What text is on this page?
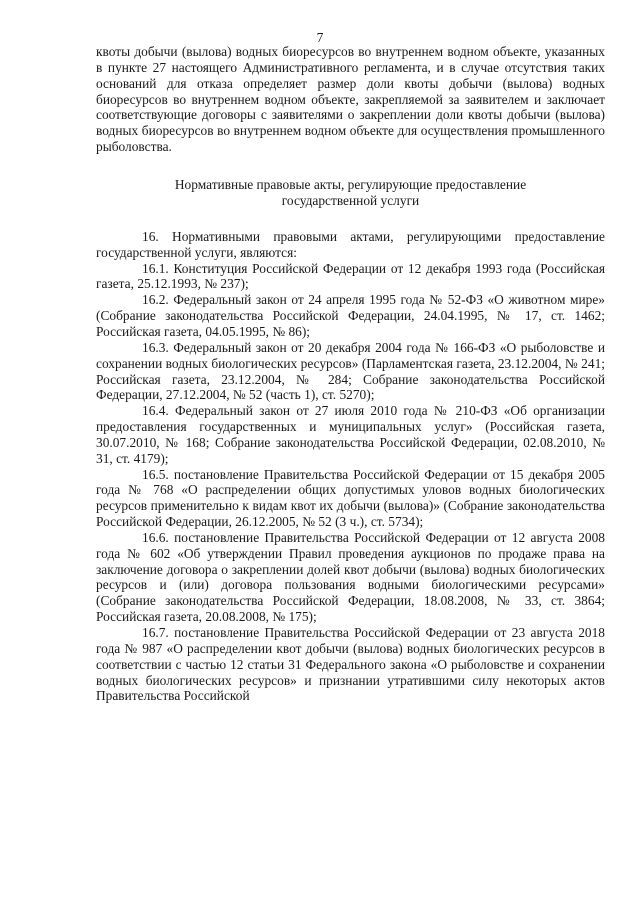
7

квоты добычи (вылова) водных биоресурсов во внутреннем водном объекте, указанных в пункте 27 настоящего Административного регламента, и в случае отсутствия таких оснований для отказа определяет размер доли квоты добычи (вылова) водных биоресурсов во внутреннем водном объекте, закрепляемой за заявителем и заключает соответствующие договоры с заявителями о закреплении доли квоты добычи (вылова) водных биоресурсов во внутреннем водном объекте для осуществления промышленного рыболовства.

Нормативные правовые акты, регулирующие предоставление государственной услуги

16. Нормативными правовыми актами, регулирующими предоставление государственной услуги, являются:

16.1. Конституция Российской Федерации от 12 декабря 1993 года (Российская газета, 25.12.1993, № 237);

16.2. Федеральный закон от 24 апреля 1995 года № 52-ФЗ «О животном мире» (Собрание законодательства Российской Федерации, 24.04.1995, № 17, ст. 1462; Российская газета, 04.05.1995, № 86);

16.3. Федеральный закон от 20 декабря 2004 года № 166-ФЗ «О рыболовстве и сохранении водных биологических ресурсов» (Парламентская газета, 23.12.2004, № 241; Российская газета, 23.12.2004, № 284; Собрание законодательства Российской Федерации, 27.12.2004, № 52 (часть 1), ст. 5270);

16.4. Федеральный закон от 27 июля 2010 года № 210-ФЗ «Об организации предоставления государственных и муниципальных услуг» (Российская газета, 30.07.2010, № 168; Собрание законодательства Российской Федерации, 02.08.2010, № 31, ст. 4179);

16.5. постановление Правительства Российской Федерации от 15 декабря 2005 года № 768 «О распределении общих допустимых уловов водных биологических ресурсов применительно к видам квот их добычи (вылова)» (Собрание законодательства Российской Федерации, 26.12.2005, № 52 (3 ч.), ст. 5734);

16.6. постановление Правительства Российской Федерации от 12 августа 2008 года № 602 «Об утверждении Правил проведения аукционов по продаже права на заключение договора о закреплении долей квот добычи (вылова) водных биологических ресурсов и (или) договора пользования водными биологическими ресурсами» (Собрание законодательства Российской Федерации, 18.08.2008, № 33, ст. 3864; Российская газета, 20.08.2008, № 175);

16.7. постановление Правительства Российской Федерации от 23 августа 2018 года № 987 «О распределении квот добычи (вылова) водных биологических ресурсов в соответствии с частью 12 статьи 31 Федерального закона «О рыболовстве и сохранении водных биологических ресурсов» и признании утратившими силу некоторых актов Правительства Российской
